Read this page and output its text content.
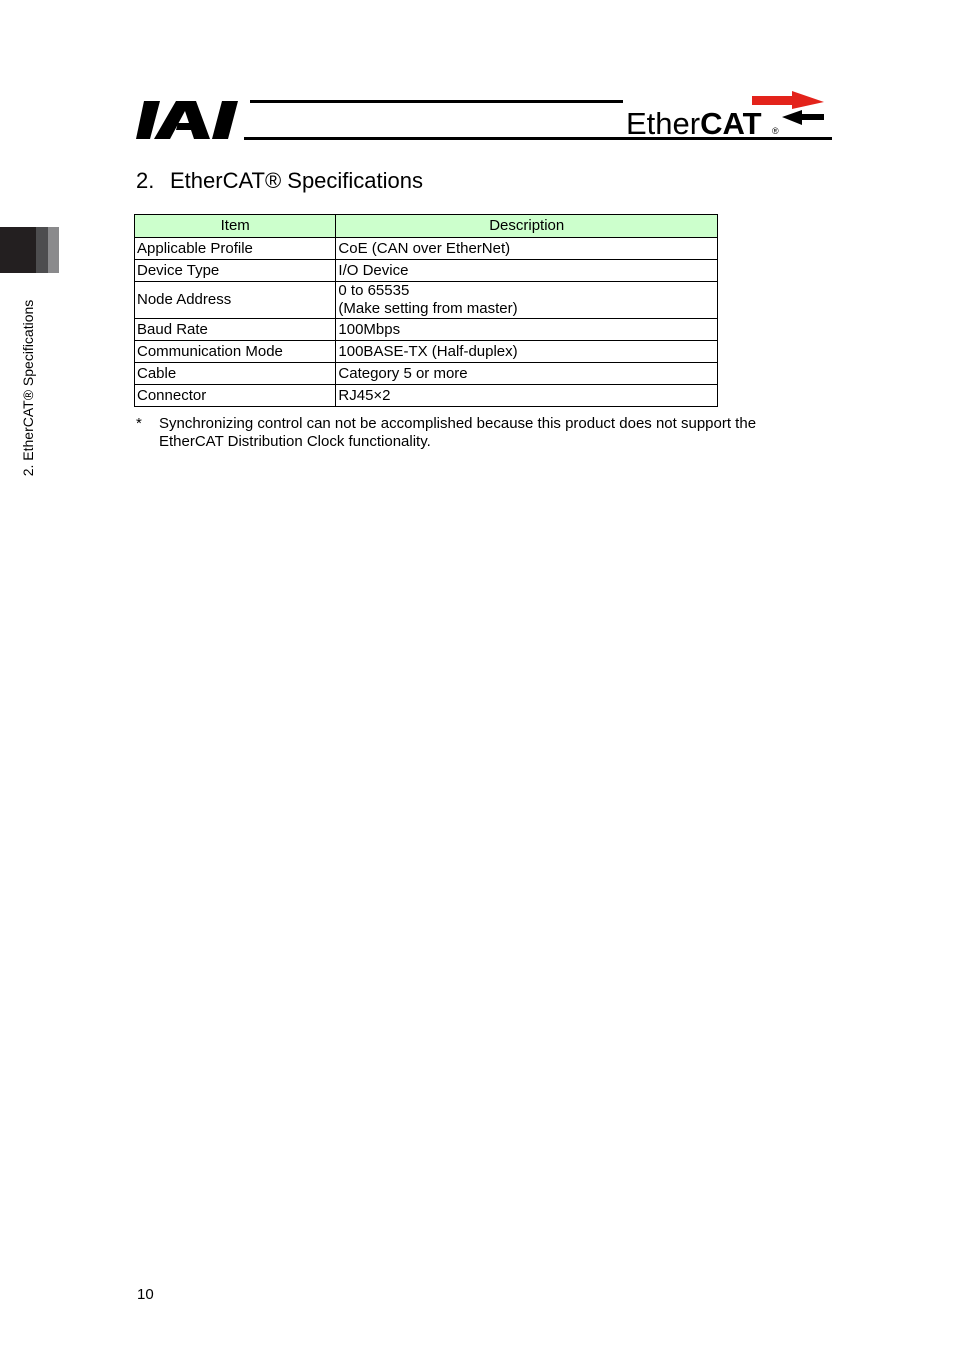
EtherCAT ®
2. EtherCAT® Specifications
2. EtherCAT® Specifications
Item	Description
Applicable Profile	CoE (CAN over EtherNet)
Device Type	I/O Device
Node Address	0 to 65535
(Make setting from master)

Baud Rate	100Mbps
Communication Mode	100BASE-TX (Half-duplex)
Cable	Category 5 or more
Connector	RJ45×2
* Synchronizing control can not be accomplished because this product does not support the EtherCAT Distribution Clock functionality.
10
